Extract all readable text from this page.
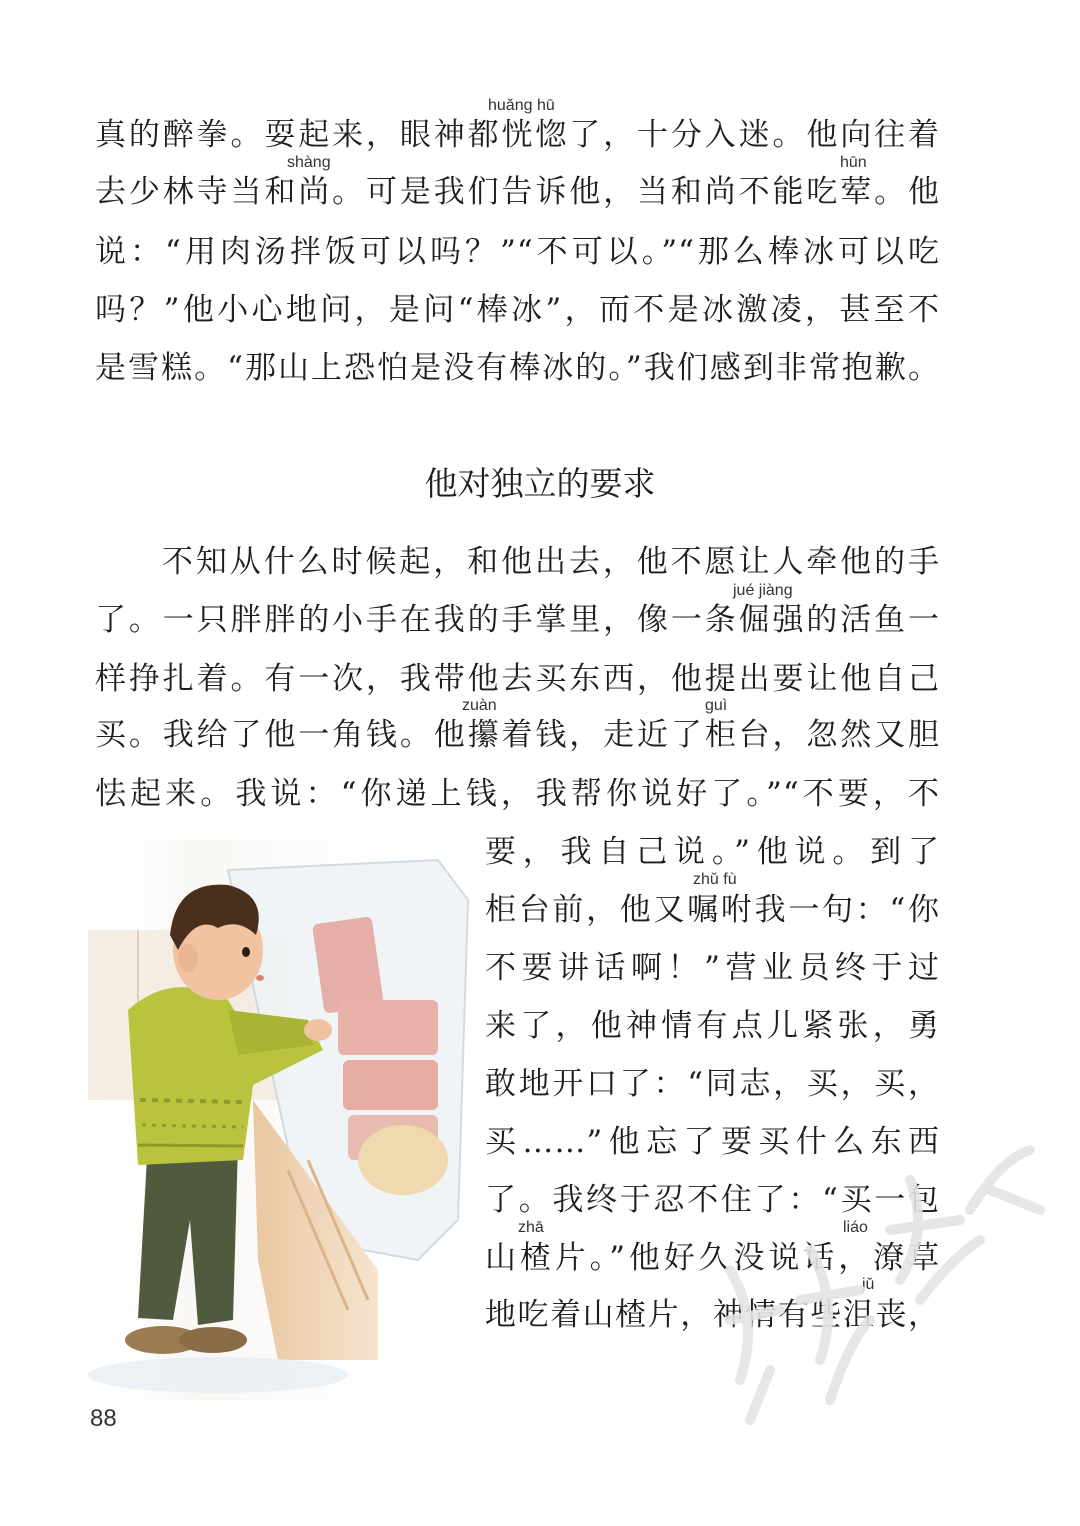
huǎng hū
真的醉拳。耍起来，眼神都恍惚了，十分入迷。他向往着
shàng	hūn
去少林寺当和尚。可是我们告诉他，当和尚不能吃荤。他
说：“用肉汤拌饭可以吗？”“不可以。”“那么棒冰可以吃
吗？”他小心地问，是问“棒冰”，而不是冰激凌，甚至不
是雪糕。“那山上恐怕是没有棒冰的。”我们感到非常抱歉。
他对独立的要求
不知从什么时候起，和他出去，他不愿让人牵他的手
jué jiàng
了。一只胖胖的小手在我的手掌里，像一条倔强的活鱼一
样挣扎着。有一次，我带他去买东西，他提出要让他自己
zuàn	guì
买。我给了他一角钱。他攥着钱，走近了柜台，忽然又胆
怯起来。我说：“你递上钱，我帮你说好了。”“不要，不
要，我自己说。”他说。到了
zhǔ fù
柜台前，他又嘱咐我一句：“你
不要讲话啊！”营业员终于过
来了，他神情有点儿紧张，勇
敢地开口了：“同志，买，买，
买……”他忘了要买什么东西
了。我终于忍不住了：“买一包
zhā	liáo
山楂片。”他好久没说话，潦草
jǔ
地吃着山楂片，神情有些沮丧，
88
